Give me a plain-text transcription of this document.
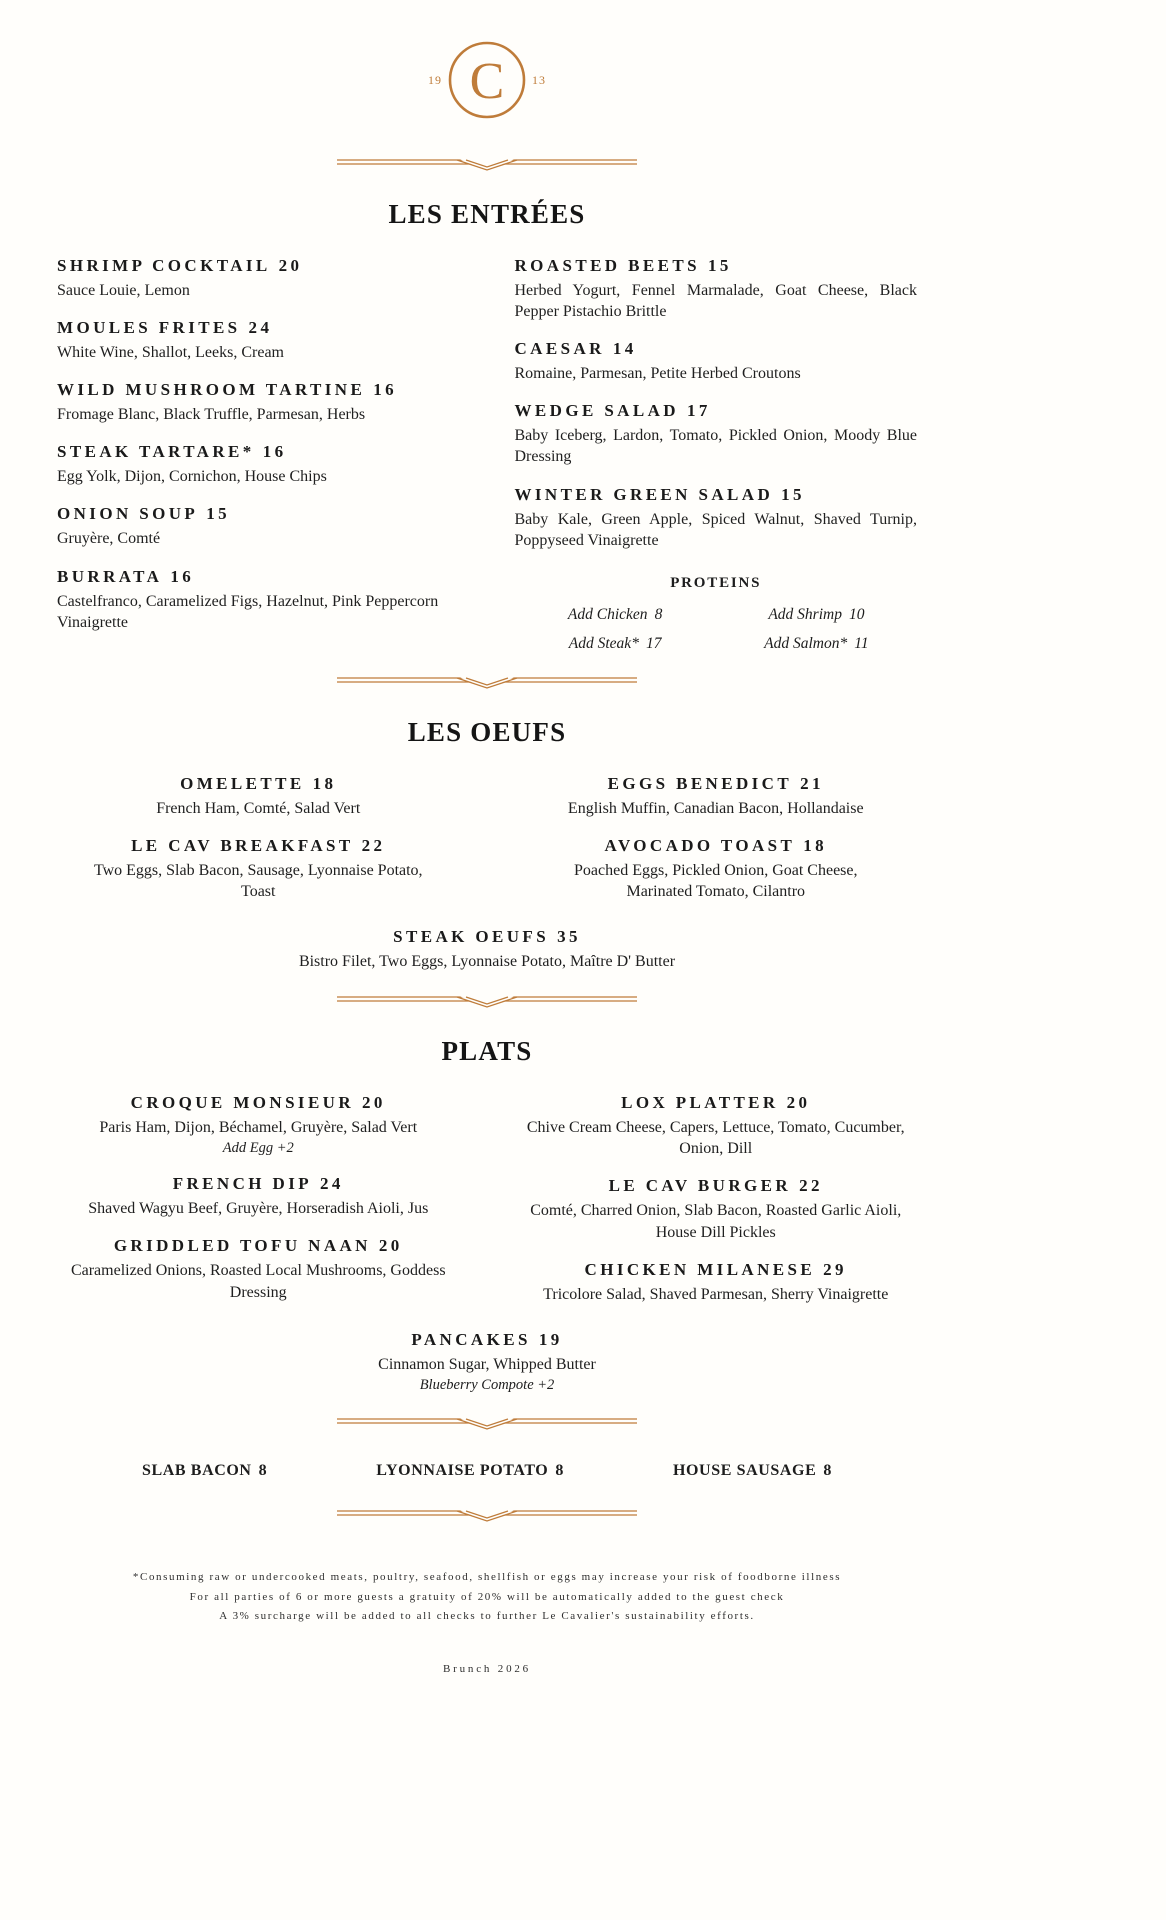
C
19	13
LES ENTRÉES
SHRIMP COCKTAIL 20

Sauce Louie, Lemon

MOULES FRITES 24

White Wine, Shallot, Leeks, Cream

WILD MUSHROOM TARTINE 16

Fromage Blanc, Black Truffle, Parmesan, Herbs

STEAK TARTARE* 16

Egg Yolk, Dijon, Cornichon, House Chips

ONION SOUP 15

Gruyère, Comté

BURRATA 16

Castelfranco, Caramelized Figs, Hazelnut, Pink Peppercorn Vinaigrette

ROASTED BEETS 15

Herbed Yogurt, Fennel Marmalade, Goat Cheese, Black Pepper Pistachio Brittle

CAESAR 14

Romaine, Parmesan, Petite Herbed Croutons

WEDGE SALAD 17

Baby Iceberg, Lardon, Tomato, Pickled Onion, Moody Blue Dressing

WINTER GREEN SALAD 15

Baby Kale, Green Apple, Spiced Walnut, Shaved Turnip, Poppyseed Vinaigrette

PROTEINS
Add Chicken 8	Add Shrimp 10
Add Steak* 17	Add Salmon* 11
LES OEUFS
OMELETTE 18

French Ham, Comté, Salad Vert

LE CAV BREAKFAST 22

Two Eggs, Slab Bacon, Sausage, Lyonnaise Potato, Toast

EGGS BENEDICT 21

English Muffin, Canadian Bacon, Hollandaise

AVOCADO TOAST 18

Poached Eggs, Pickled Onion, Goat Cheese, Marinated Tomato, Cilantro

STEAK OEUFS 35

Bistro Filet, Two Eggs, Lyonnaise Potato, Maître D' Butter

PLATS
CROQUE MONSIEUR 20

Paris Ham, Dijon, Béchamel, Gruyère, Salad Vert

Add Egg +2

FRENCH DIP 24

Shaved Wagyu Beef, Gruyère, Horseradish Aioli, Jus

GRIDDLED TOFU NAAN 20

Caramelized Onions, Roasted Local Mushrooms, Goddess Dressing

LOX PLATTER 20

Chive Cream Cheese, Capers, Lettuce, Tomato, Cucumber, Onion, Dill

LE CAV BURGER 22

Comté, Charred Onion, Slab Bacon, Roasted Garlic Aioli, House Dill Pickles

CHICKEN MILANESE 29

Tricolore Salad, Shaved Parmesan, Sherry Vinaigrette

PANCAKES 19

Cinnamon Sugar, Whipped Butter

Blueberry Compote +2

SLAB BACON 8	LYONNAISE POTATO 8	HOUSE SAUSAGE 8

*Consuming raw or undercooked meats, poultry, seafood, shellfish or eggs may increase your risk of foodborne illness

For all parties of 6 or more guests a gratuity of 20% will be automatically added to the guest check

A 3% surcharge will be added to all checks to further Le Cavalier's sustainability efforts.

Brunch 2026
